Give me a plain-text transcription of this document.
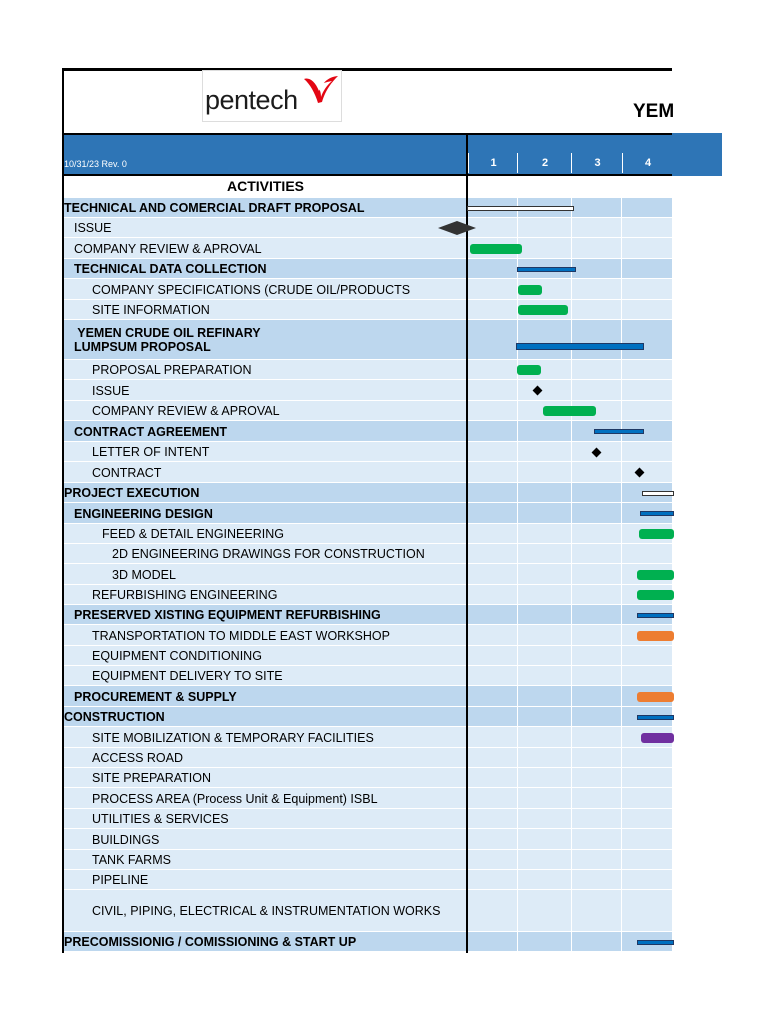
pentech	YEM
10/31/23 Rev. 0	1	2	3	4
ACTIVITIES
TECHNICAL AND COMERCIAL DRAFT PROPOSAL
ISSUE
COMPANY REVIEW & APROVAL
TECHNICAL DATA COLLECTION
COMPANY SPECIFICATIONS (CRUDE OIL/PRODUCTS
SITE INFORMATION
YEMEN CRUDE OIL REFINARY
LUMPSUM PROPOSAL
PROPOSAL PREPARATION
ISSUE
COMPANY REVIEW & APROVAL
CONTRACT AGREEMENT
LETTER OF INTENT
CONTRACT
PROJECT EXECUTION
ENGINEERING DESIGN
FEED & DETAIL ENGINEERING
2D ENGINEERING DRAWINGS FOR CONSTRUCTION
3D MODEL
REFURBISHING ENGINEERING
PRESERVED XISTING EQUIPMENT REFURBISHING
TRANSPORTATION TO MIDDLE EAST WORKSHOP
EQUIPMENT CONDITIONING
EQUIPMENT DELIVERY TO SITE
PROCUREMENT & SUPPLY
CONSTRUCTION
SITE MOBILIZATION & TEMPORARY FACILITIES
ACCESS ROAD
SITE PREPARATION
PROCESS AREA (Process Unit & Equipment) ISBL
UTILITIES & SERVICES
BUILDINGS
TANK FARMS
PIPELINE
CIVIL, PIPING, ELECTRICAL & INSTRUMENTATION WORKS
PRECOMISSIONIG / COMISSIONING & START UP
